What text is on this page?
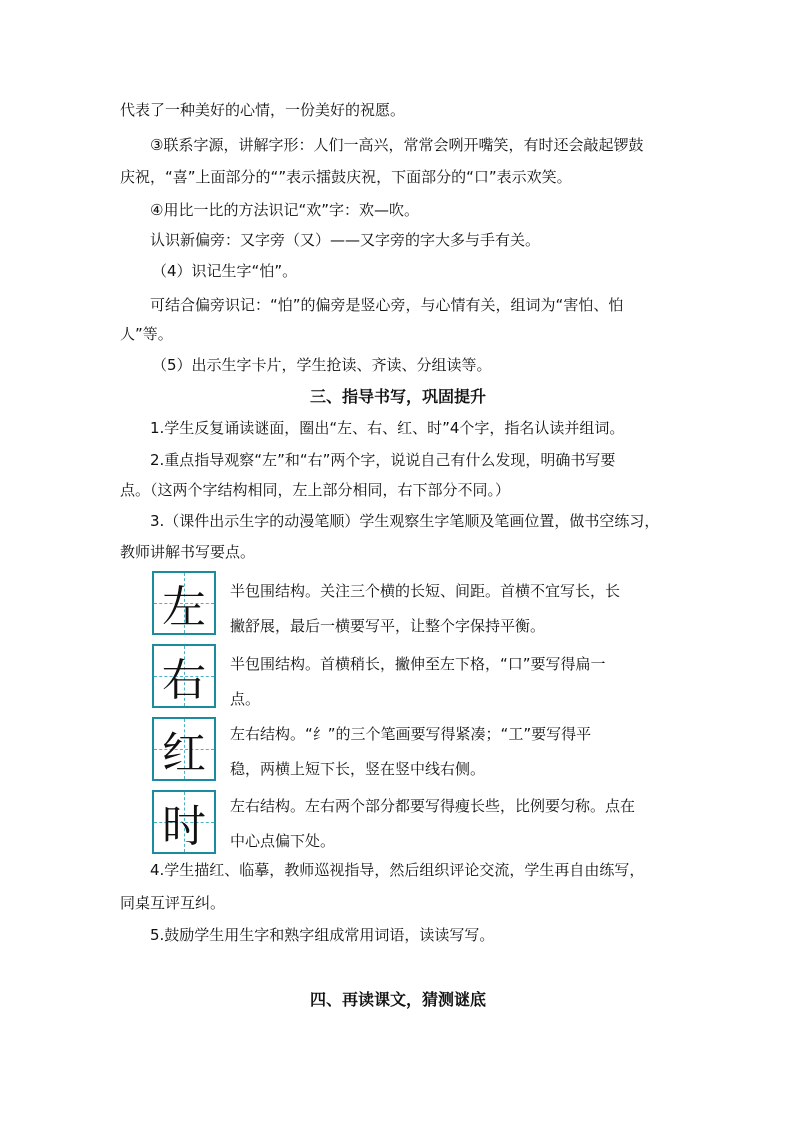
代表了一种美好的心情，一份美好的祝愿。

③联系字源，讲解字形：人们一高兴，常常会咧开嘴笑，有时还会敲起锣鼓

庆祝，“喜”上面部分的“”表示擂鼓庆祝，下面部分的“口”表示欢笑。

④用比一比的方法识记“欢”字：欢—吹。

认识新偏旁：又字旁（又）——又字旁的字大多与手有关。

（4）识记生字“怕”。

可结合偏旁识记：“怕”的偏旁是竖心旁，与心情有关，组词为“害怕、怕

人”等。

（5）出示生字卡片，学生抢读、齐读、分组读等。

三、指导书写，巩固提升

1.学生反复诵读谜面，圈出“左、右、红、时”4个字，指名认读并组词。

2.重点指导观察“左”和“右”两个字，说说自己有什么发现，明确书写要

点。（这两个字结构相同，左上部分相同，右下部分不同。）

3.（课件出示生字的动漫笔顺）学生观察生字笔顺及笔画位置，做书空练习，

教师讲解书写要点。

左	半包围结构。关注三个横的长短、间距。首横不宜写长，长
撇舒展，最后一横要写平，让整个字保持平衡。
右	半包围结构。首横稍长，撇伸至左下格，“口”要写得扁一
点。
红	左右结构。“纟”的三个笔画要写得紧凑；“工”要写得平
稳，两横上短下长，竖在竖中线右侧。
时	左右结构。左右两个部分都要写得瘦长些，比例要匀称。点在
中心点偏下处。

4.学生描红、临摹，教师巡视指导，然后组织评论交流，学生再自由练写，

同桌互评互纠。

5.鼓励学生用生字和熟字组成常用词语，读读写写。

四、再读课文，猜测谜底
